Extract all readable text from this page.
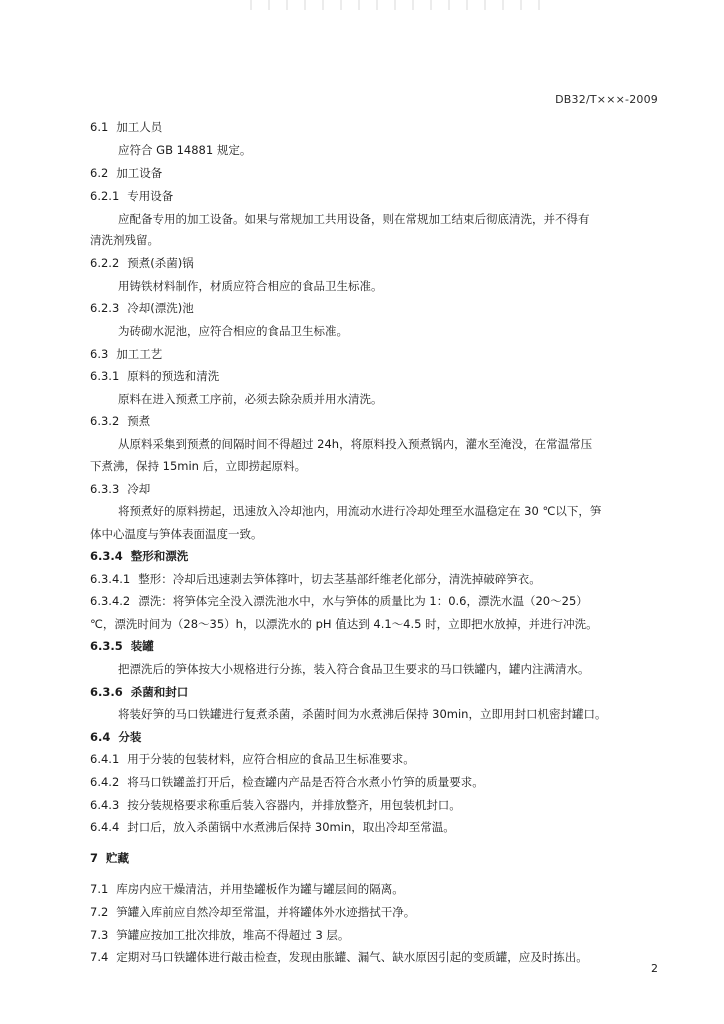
DB32/T×××-2009
6.1 加工人员
应符合 GB 14881 规定。
6.2 加工设备
6.2.1 专用设备
应配备专用的加工设备。如果与常规加工共用设备，则在常规加工结束后彻底清洗，并不得有
清洗剂残留。
6.2.2 预煮(杀菌)锅
用铸铁材料制作，材质应符合相应的食品卫生标准。
6.2.3 冷却(漂洗)池
为砖砌水泥池，应符合相应的食品卫生标准。
6.3 加工工艺
6.3.1 原料的预选和清洗
原料在进入预煮工序前，必须去除杂质并用水清洗。
6.3.2 预煮
从原料采集到预煮的间隔时间不得超过 24h，将原料投入预煮锅内，灌水至淹没，在常温常压
下煮沸，保持 15min 后，立即捞起原料。
6.3.3 冷却
将预煮好的原料捞起，迅速放入冷却池内，用流动水进行冷却处理至水温稳定在 30 ℃以下，笋
体中心温度与笋体表面温度一致。
6.3.4 整形和漂洗
6.3.4.1 整形：冷却后迅速剥去笋体箨叶，切去茎基部纤维老化部分，清洗掉破碎笋衣。
6.3.4.2 漂洗：将笋体完全没入漂洗池水中，水与笋体的质量比为 1：0.6，漂洗水温（20～25）
℃，漂洗时间为（28～35）h，以漂洗水的 pH 值达到 4.1～4.5 时，立即把水放掉，并进行冲洗。
6.3.5 装罐
把漂洗后的笋体按大小规格进行分拣，装入符合食品卫生要求的马口铁罐内，罐内注满清水。
6.3.6 杀菌和封口
将装好笋的马口铁罐进行复煮杀菌，杀菌时间为水煮沸后保持 30min，立即用封口机密封罐口。
6.4 分装
6.4.1 用于分装的包装材料，应符合相应的食品卫生标准要求。
6.4.2 将马口铁罐盖打开后，检查罐内产品是否符合水煮小竹笋的质量要求。
6.4.3 按分装规格要求称重后装入容器内，并排放整齐，用包装机封口。
6.4.4 封口后，放入杀菌锅中水煮沸后保持 30min，取出冷却至常温。
7 贮藏
7.1 库房内应干燥清洁，并用垫罐板作为罐与罐层间的隔离。
7.2 笋罐入库前应自然冷却至常温，并将罐体外水迹揩拭干净。
7.3 笋罐应按加工批次排放，堆高不得超过 3 层。
7.4 定期对马口铁罐体进行敲击检查，发现由胀罐、漏气、缺水原因引起的变质罐，应及时拣出。
2
